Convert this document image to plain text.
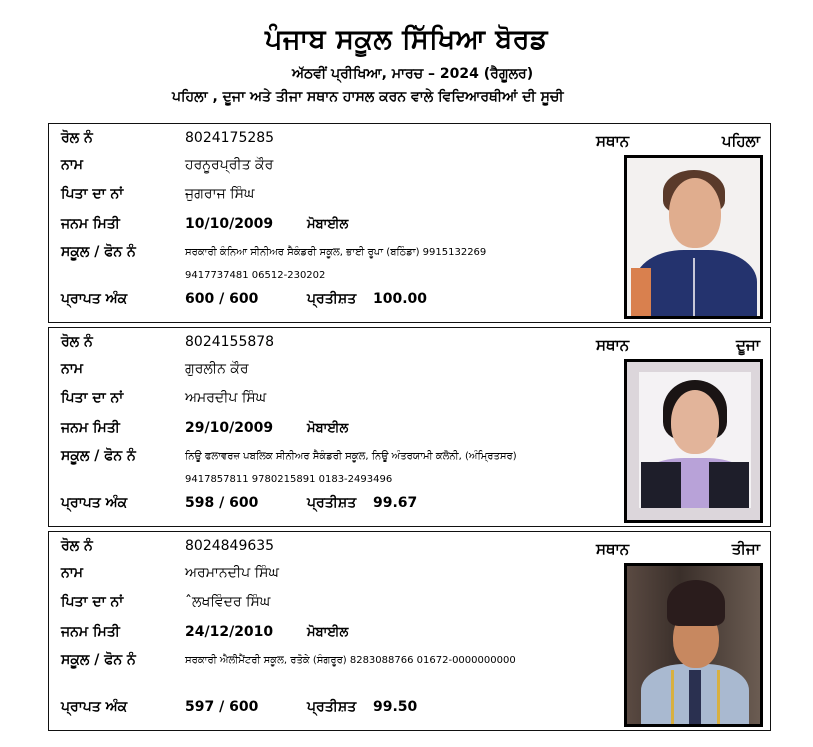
ਪੰਜਾਬ ਸਕੂਲ ਸਿੱਖਿਆ ਬੋਰਡ
ਅੱਠਵੀਂ ਪ੍ਰੀਖਿਆ, ਮਾਰਚ – 2024 (ਰੈਗੂਲਰ)
ਪਹਿਲਾ , ਦੂਜਾ ਅਤੇ ਤੀਜਾ ਸਥਾਨ ਹਾਸਲ ਕਰਨ ਵਾਲੇ ਵਿਦਿਆਰਥੀਆਂ ਦੀ ਸੂਚੀ
ਰੋਲ ਨੰ	8024175285
ਨਾਮ	ਹਰਨੂਰਪ੍ਰੀਤ ਕੌਰ
ਪਿਤਾ ਦਾ ਨਾਂ	ਜੁਗਰਾਜ ਸਿੰਘ
ਜਨਮ ਮਿਤੀ	10/10/2009	ਮੋਬਾਈਲ
ਸਕੂਲ / ਫੋਨ ਨੰ	ਸਰਕਾਰੀ ਕੰਨਿਆ ਸੀਨੀਅਰ ਸੈਕੰਡਰੀ ਸਕੂਲ, ਭਾਈ ਰੂਪਾ (ਬਠਿੰਡਾ) 9915132269
9417737481 06512-230202
ਪ੍ਰਾਪਤ ਅੰਕ	600 / 600	ਪ੍ਰਤੀਸ਼ਤ 100.00
ਸਥਾਨ	ਪਹਿਲਾ
ਰੋਲ ਨੰ	8024155878
ਨਾਮ	ਗੁਰਲੀਨ ਕੌਰ
ਪਿਤਾ ਦਾ ਨਾਂ	ਅਮਰਦੀਪ ਸਿੰਘ
ਜਨਮ ਮਿਤੀ	29/10/2009	ਮੋਬਾਈਲ
ਸਕੂਲ / ਫੋਨ ਨੰ	ਨਿਊ ਫਲਾਵਰਜ਼ ਪਬਲਿਕ ਸੀਨੀਅਰ ਸੈਕੰਡਰੀ ਸਕੂਲ, ਨਿਊ ਅੰਤਰਯਾਮੀ ਕਲੋਨੀ, (ਅੰਮ੍ਰਿਤਸਰ)
9417857811 9780215891 0183-2493496
ਪ੍ਰਾਪਤ ਅੰਕ	598 / 600	ਪ੍ਰਤੀਸ਼ਤ 99.67
ਸਥਾਨ	ਦੂਜਾ
ਰੋਲ ਨੰ	8024849635
ਨਾਮ	ਅਰਮਾਨਦੀਪ ਸਿੰਘ
ਪਿਤਾ ਦਾ ਨਾਂ	ˆਲਖਵਿੰਦਰ ਸਿੰਘ
ਜਨਮ ਮਿਤੀ	24/12/2010	ਮੋਬਾਈਲ
ਸਕੂਲ / ਫੋਨ ਨੰ	ਸਰਕਾਰੀ ਐਲੀਮੈਂਟਰੀ ਸਕੂਲ, ਰਤੋਕੇ (ਸੰਗਰੂਰ) 8283088766 01672-0000000000
ਪ੍ਰਾਪਤ ਅੰਕ	597 / 600	ਪ੍ਰਤੀਸ਼ਤ 99.50
ਸਥਾਨ	ਤੀਜਾ
